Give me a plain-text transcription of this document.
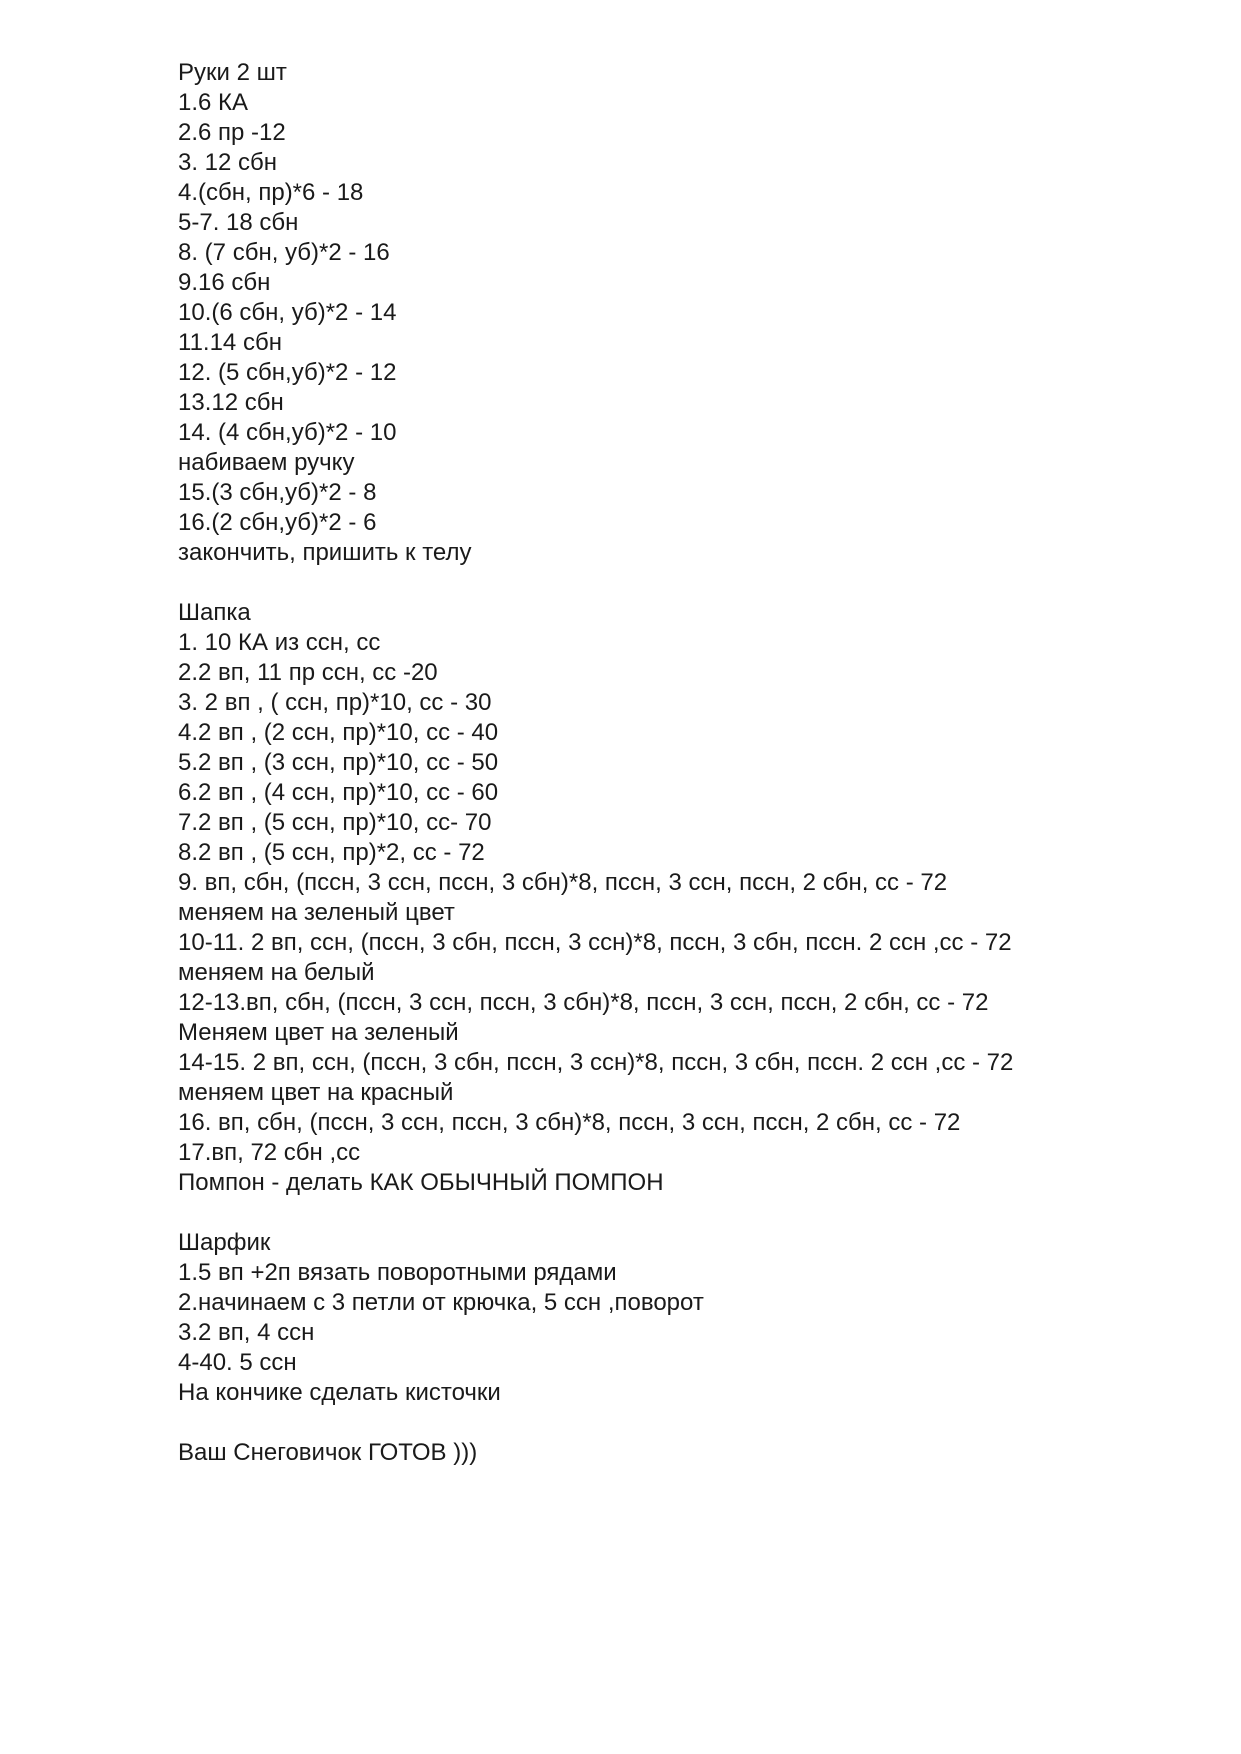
Руки 2 шт
1.6 КА
2.6 пр -12
3. 12 сбн
4.(сбн, пр)*6 - 18
5-7. 18 сбн
8. (7 сбн, уб)*2 - 16
9.16 сбн
10.(6 сбн, уб)*2 - 14
11.14 сбн
12. (5 сбн,уб)*2 - 12
13.12 сбн
14. (4 сбн,уб)*2 - 10
набиваем ручку
15.(3 сбн,уб)*2 - 8
16.(2 сбн,уб)*2 - 6
закончить, пришить к телу
Шапка
1. 10 КА из ссн, сс
2.2 вп, 11 пр ссн, сс -20
3. 2 вп , ( ссн, пр)*10, сс - 30
4.2 вп , (2 ссн, пр)*10, сс - 40
5.2 вп , (3 ссн, пр)*10, сс - 50
6.2 вп , (4 ссн, пр)*10, сс - 60
7.2 вп , (5 ссн, пр)*10, сс- 70
8.2 вп , (5 ссн, пр)*2, сс - 72
9. вп, сбн, (пссн, 3 ссн, пссн, 3 сбн)*8, пссн, 3 ссн, пссн, 2 сбн, сс - 72
меняем на зеленый цвет
10-11. 2 вп, ссн, (пссн, 3 сбн, пссн, 3 ссн)*8, пссн, 3 сбн, пссн. 2 ссн ,сс - 72
меняем на белый
12-13.вп, сбн, (пссн, 3 ссн, пссн, 3 сбн)*8, пссн, 3 ссн, пссн, 2 сбн, сс - 72
Меняем цвет на зеленый
14-15. 2 вп, ссн, (пссн, 3 сбн, пссн, 3 ссн)*8, пссн, 3 сбн, пссн. 2 ссн ,сс - 72
меняем цвет на красный
16. вп, сбн, (пссн, 3 ссн, пссн, 3 сбн)*8, пссн, 3 ссн, пссн, 2 сбн, сс - 72
17.вп, 72 сбн ,сс
Помпон - делать КАК ОБЫЧНЫЙ ПОМПОН
Шарфик
1.5 вп +2п вязать поворотными рядами
2.начинаем с 3 петли от крючка, 5 ссн ,поворот
3.2 вп, 4 ссн
4-40. 5 ссн
На кончике сделать кисточки
Ваш Снеговичок ГОТОВ )))
